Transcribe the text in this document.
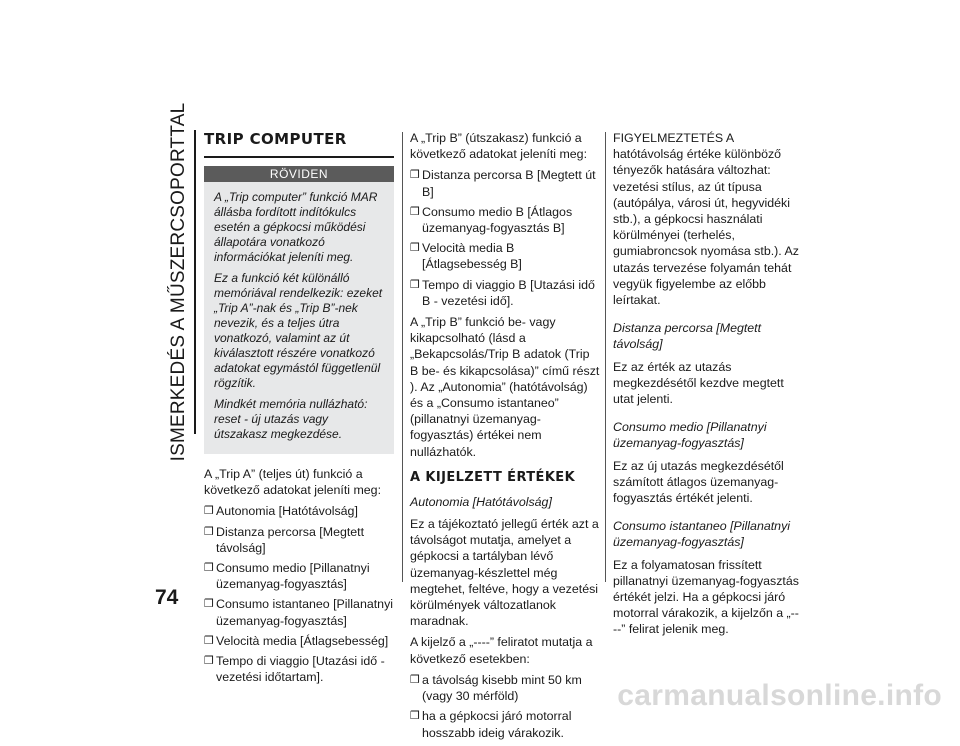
ISMERKEDÉS A MŰSZERCSOPORTTAL
74
TRIP COMPUTER
RÖVIDEN

A „Trip computer” funkció MAR állásba fordított indítókulcs esetén a gépkocsi működési állapotára vonatkozó információkat jeleníti meg.

Ez a funkció két különálló memóriával rendelkezik: ezeket „Trip A”-nak és „Trip B”-nek nevezik, és a teljes útra vonatkozó, valamint az út kiválasztott részére vonatkozó adatokat egymástól függetlenül rögzítik.

Mindkét memória nullázható: reset - új utazás vagy útszakasz megkezdése.

A „Trip A” (teljes út) funkció a következő adatokat jeleníti meg:

❒ Autonomia [Hatótávolság]
❒ Distanza percorsa [Megtett távolság]
❒ Consumo medio [Pillanatnyi üzemanyag-fogyasztás]
❒ Consumo istantaneo [Pillanatnyi üzemanyag-fogyasztás]
❒ Velocità media [Átlagsebesség]
❒ Tempo di viaggio [Utazási idő - vezetési időtartam].

A „Trip B” (útszakasz) funkció a következő adatokat jeleníti meg:

❒ Distanza percorsa B [Megtett út B]
❒ Consumo medio B [Átlagos üzemanyag-fogyasztás B]
❒ Velocità media B [Átlagsebesség B]
❒ Tempo di viaggio B [Utazási idő B - vezetési idő].

A „Trip B” funkció be- vagy kikapcsolható (lásd a „Bekapcsolás/Trip B adatok (Trip B be- és kikapcsolása)” című részt ). Az „Autonomia” (hatótávolság) és a „Consumo istantaneo” (pillanatnyi üzemanyag-fogyasztás) értékei nem nullázhatók.

A KIJELZETT ÉRTÉKEK

Autonomia [Hatótávolság]

Ez a tájékoztató jellegű érték azt a távolságot mutatja, amelyet a gépkocsi a tartályban lévő üzemanyag-készlettel még megtehet, feltéve, hogy a vezetési körülmények változatlanok maradnak.

A kijelző a „----” feliratot mutatja a következő esetekben:

❒ a távolság kisebb mint 50 km (vagy 30 mérföld)
❒ ha a gépkocsi járó motorral hosszabb ideig várakozik.

FIGYELMEZTETÉS A hatótávolság értéke különböző tényezők hatására változhat: vezetési stílus, az út típusa (autópálya, városi út, hegyvidéki stb.), a gépkocsi használati körülményei (terhelés, gumiabroncsok nyomása stb.). Az utazás tervezése folyamán tehát vegyük figyelembe az előbb leírtakat.

Distanza percorsa [Megtett távolság]

Ez az érték az utazás megkezdésétől kezdve megtett utat jelenti.

Consumo medio [Pillanatnyi üzemanyag-fogyasztás]

Ez az új utazás megkezdésétől számított átlagos üzemanyag-fogyasztás értékét jelenti.

Consumo istantaneo [Pillanatnyi üzemanyag-fogyasztás]

Ez a folyamatosan frissített pillanatnyi üzemanyag-fogyasztás értékét jelzi. Ha a gépkocsi járó motorral várakozik, a kijelzőn a „----” felirat jelenik meg.

carmanualsonline.info
